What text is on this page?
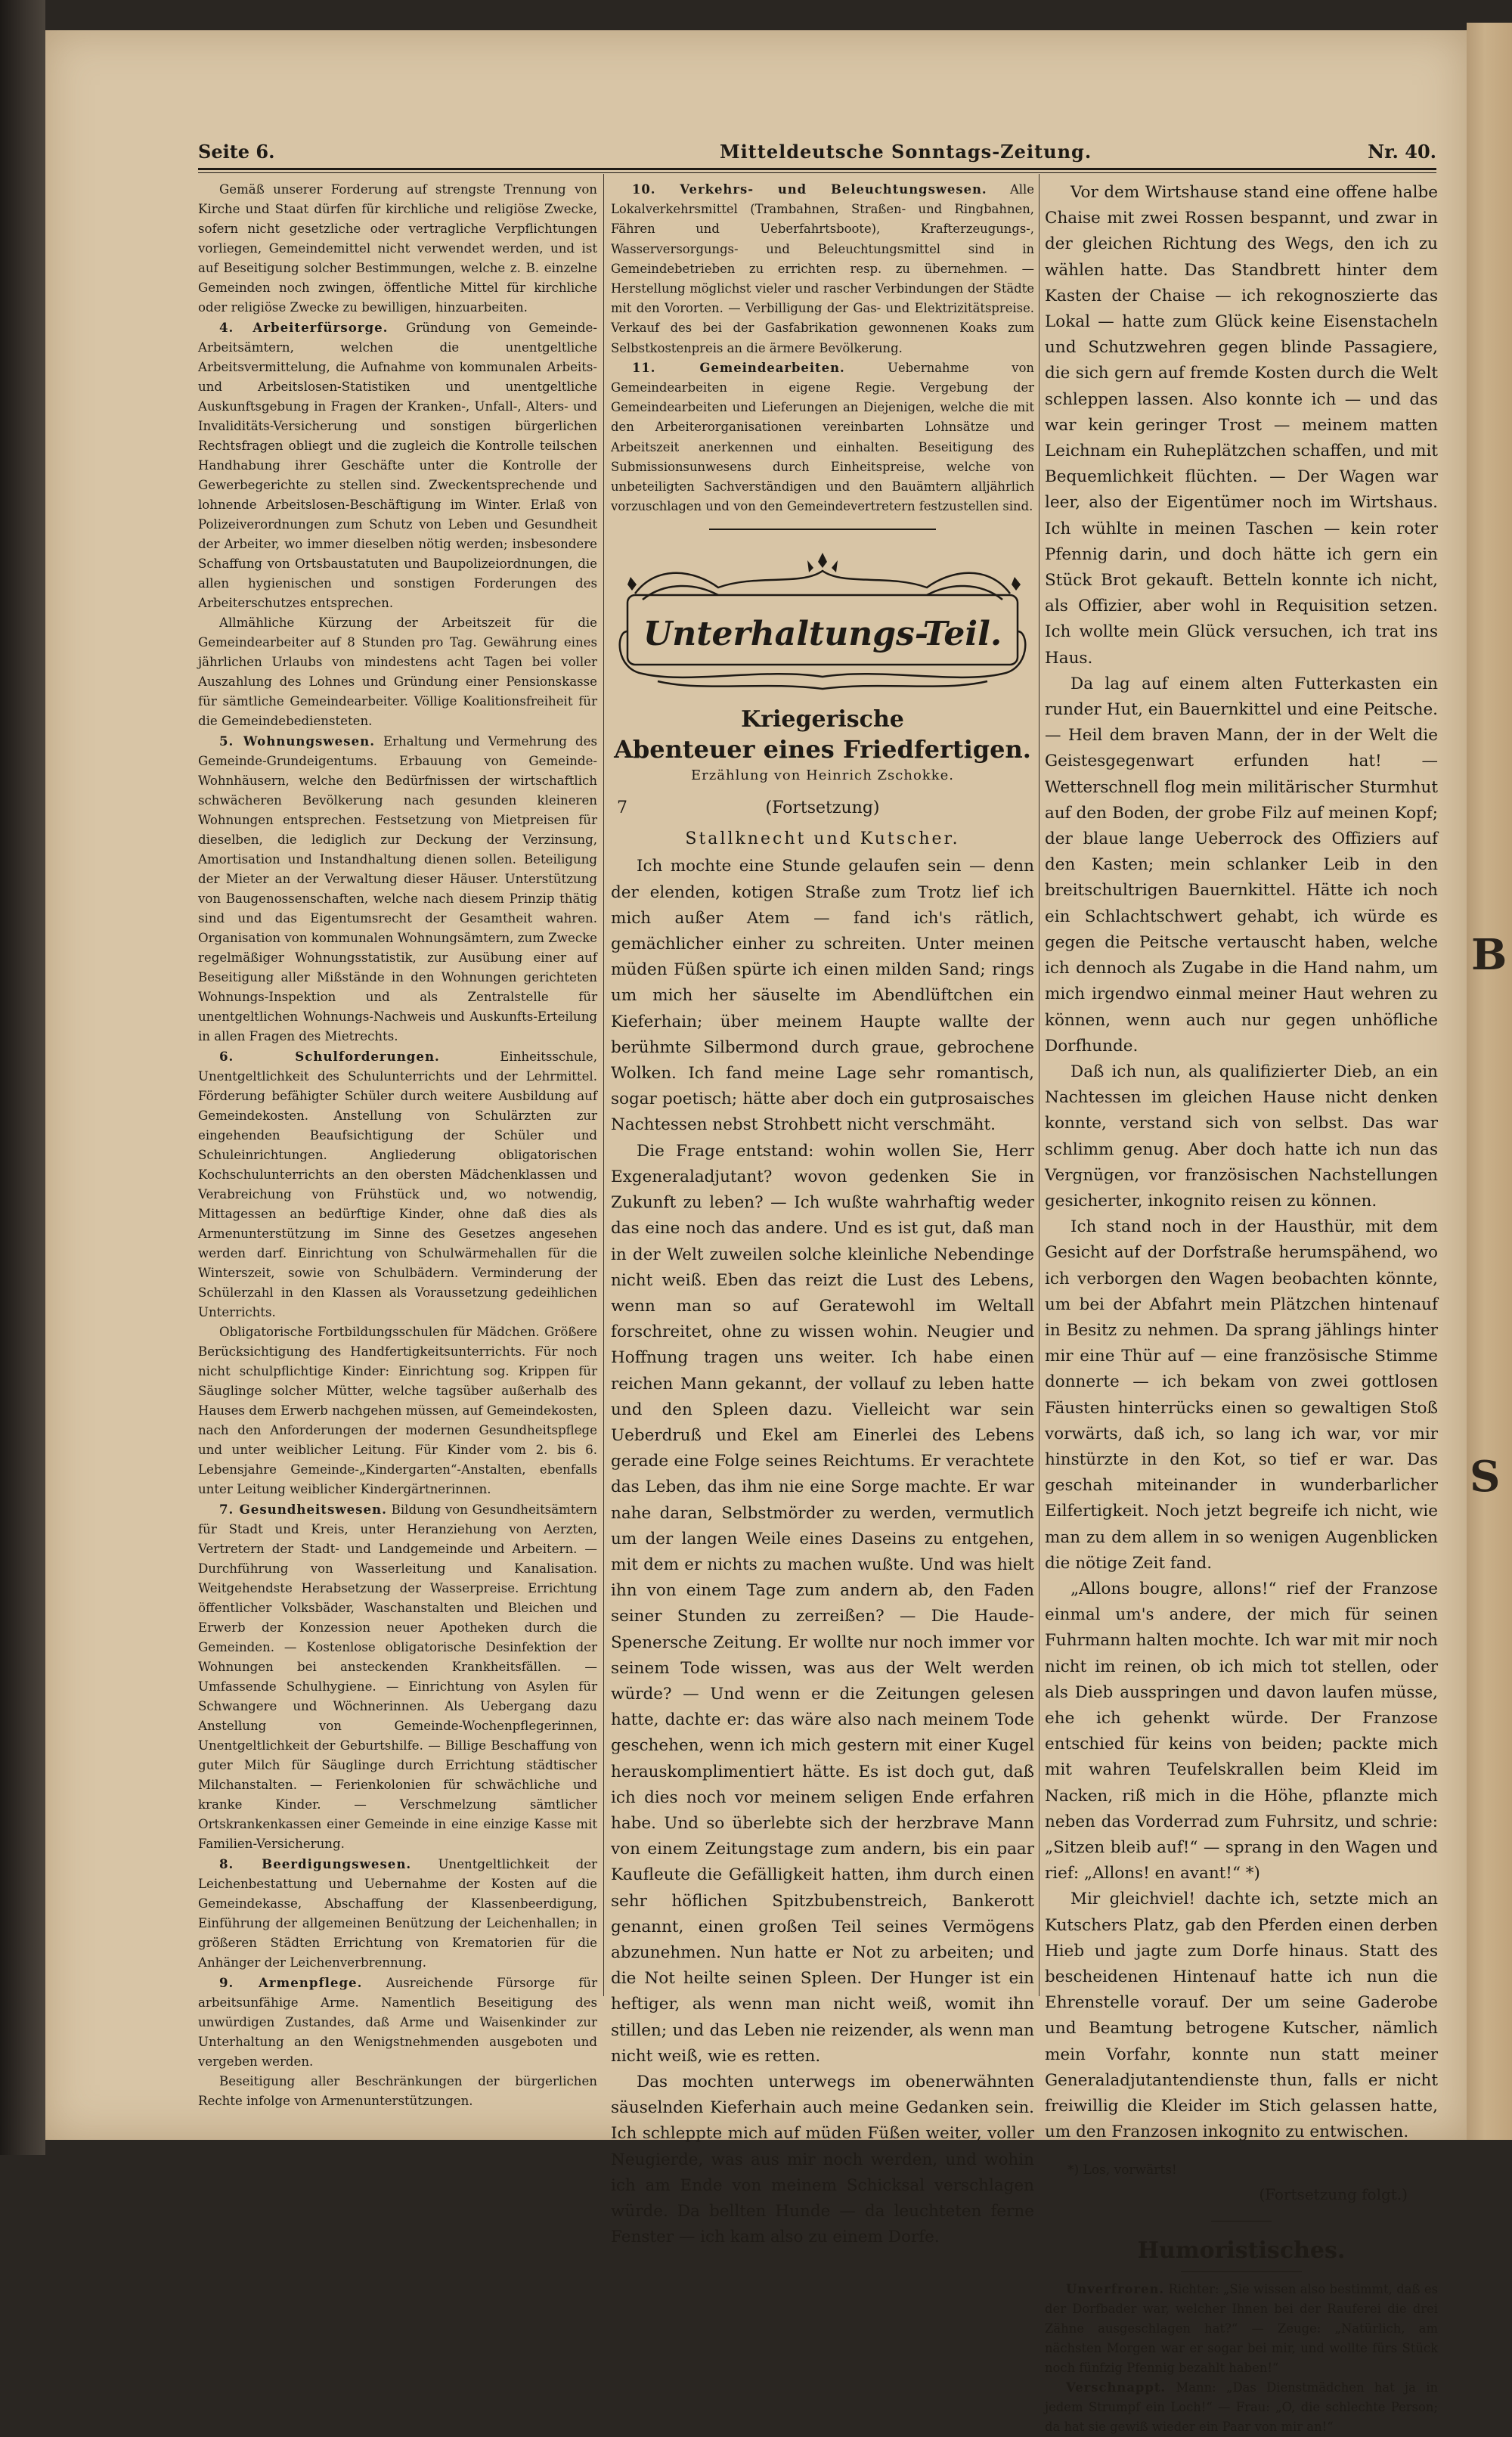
B
S
Seite 6.	Mitteldeutsche Sonntags-Zeitung.	Nr. 40.

Gemäß unserer Forderung auf strengste Trennung von Kirche und Staat dürfen für kirchliche und religiöse Zwecke, sofern nicht gesetzliche oder vertragliche Verpflichtungen vorliegen, Gemeindemittel nicht verwendet werden, und ist auf Beseitigung solcher Bestimmungen, welche z. B. einzelne Gemeinden noch zwingen, öffentliche Mittel für kirchliche oder religiöse Zwecke zu bewilligen, hinzuarbeiten.

4. Arbeiterfürsorge. Gründung von Gemeinde-Arbeitsämtern, welchen die unentgeltliche Arbeitsvermittelung, die Aufnahme von kommunalen Arbeits- und Arbeitslosen-Statistiken und unentgeltliche Auskunftsgebung in Fragen der Kranken-, Unfall-, Alters- und Invaliditäts-Versicherung und sonstigen bürgerlichen Rechtsfragen obliegt und die zugleich die Kontrolle teilschen Handhabung ihrer Geschäfte unter die Kontrolle der Gewerbegerichte zu stellen sind. Zweckentsprechende und lohnende Arbeitslosen-Beschäftigung im Winter. Erlaß von Polizeiverordnungen zum Schutz von Leben und Gesundheit der Arbeiter, wo immer dieselben nötig werden; insbesondere Schaffung von Ortsbaustatuten und Baupolizeiordnungen, die allen hygienischen und sonstigen Forderungen des Arbeiterschutzes entsprechen.

Allmähliche Kürzung der Arbeitszeit für die Gemeindearbeiter auf 8 Stunden pro Tag. Gewährung eines jährlichen Urlaubs von mindestens acht Tagen bei voller Auszahlung des Lohnes und Gründung einer Pensionskasse für sämtliche Gemeindearbeiter. Völlige Koalitionsfreiheit für die Gemeindebediensteten.

5. Wohnungswesen. Erhaltung und Vermehrung des Gemeinde-Grundeigentums. Erbauung von Gemeinde-Wohnhäusern, welche den Bedürfnissen der wirtschaftlich schwächeren Bevölkerung nach gesunden kleineren Wohnungen entsprechen. Festsetzung von Mietpreisen für dieselben, die lediglich zur Deckung der Verzinsung, Amortisation und Instandhaltung dienen sollen. Beteiligung der Mieter an der Verwaltung dieser Häuser. Unterstützung von Baugenossenschaften, welche nach diesem Prinzip thätig sind und das Eigentumsrecht der Gesamtheit wahren. Organisation von kommunalen Wohnungsämtern, zum Zwecke regelmäßiger Wohnungsstatistik, zur Ausübung einer auf Beseitigung aller Mißstände in den Wohnungen gerichteten Wohnungs-Inspektion und als Zentralstelle für unentgeltlichen Wohnungs-Nachweis und Auskunfts-Erteilung in allen Fragen des Mietrechts.

6. Schulforderungen.	Einheitsschule, Unentgeltlichkeit des Schulunterrichts und der Lehrmittel. Förderung befähigter Schüler durch weitere Ausbildung auf Gemeindekosten. Anstellung von Schulärzten zur eingehenden Beaufsichtigung der Schüler und Schuleinrichtungen. Angliederung obligatorischen Kochschulunterrichts an den obersten Mädchenklassen und Verabreichung von Frühstück und, wo notwendig, Mittagessen an bedürftige Kinder, ohne daß dies als Armenunterstützung im Sinne des Gesetzes angesehen werden darf. Einrichtung von Schulwärmehallen für die Winterszeit, sowie von Schulbädern. Verminderung der Schülerzahl in den Klassen als Voraussetzung gedeihlichen Unterrichts.

Obligatorische Fortbildungsschulen für Mädchen. Größere Berücksichtigung des Handfertigkeitsunterrichts. Für noch nicht schulpflichtige Kinder: Einrichtung sog. Krippen für Säuglinge solcher Mütter, welche tagsüber außerhalb des Hauses dem Erwerb nachgehen müssen, auf Gemeindekosten, nach den Anforderungen der modernen Gesundheitspflege und unter weiblicher Leitung. Für Kinder vom 2. bis 6. Lebensjahre Gemeinde-„Kindergarten“-Anstalten, ebenfalls unter Leitung weiblicher Kindergärtnerinnen.

7. Gesundheitswesen. Bildung von Gesundheitsämtern für Stadt und Kreis, unter Heranziehung von Aerzten, Vertretern der Stadt- und Landgemeinde und Arbeitern. — Durchführung von Wasserleitung und Kanalisation. Weitgehendste Herabsetzung der Wasserpreise. Errichtung öffentlicher Volksbäder, Waschanstalten und Bleichen und Erwerb der Konzession neuer Apotheken durch die Gemeinden. — Kostenlose obligatorische Desinfektion der Wohnungen bei ansteckenden Krankheitsfällen. — Umfassende Schulhygiene. — Einrichtung von Asylen für Schwangere und Wöchnerinnen. Als Uebergang dazu Anstellung von Gemeinde-Wochenpflegerinnen, Unentgeltlichkeit der Geburtshilfe. — Billige Beschaffung von guter Milch für Säuglinge durch Errichtung städtischer Milchanstalten. — Ferienkolonien für schwächliche und kranke Kinder. — Verschmelzung sämtlicher Ortskrankenkassen einer Gemeinde in eine einzige Kasse mit Familien-Versicherung.

8. Beerdigungswesen. Unentgeltlichkeit der Leichenbestattung und Uebernahme der Kosten auf die Gemeindekasse, Abschaffung der Klassenbeerdigung, Einführung der allgemeinen Benützung der Leichenhallen; in größeren Städten Errichtung von Krematorien für die Anhänger der Leichenverbrennung.

9. Armenpflege. Ausreichende Fürsorge für arbeitsunfähige Arme. Namentlich Beseitigung des unwürdigen Zustandes, daß Arme und Waisenkinder zur Unterhaltung an den Wenigstnehmenden ausgeboten und vergeben werden.

Beseitigung aller Beschränkungen der bürgerlichen Rechte infolge von Armenunterstützungen.

10. Verkehrs- und Beleuchtungswesen. Alle Lokalverkehrsmittel (Trambahnen, Straßen- und Ringbahnen, Fähren und Ueberfahrtsboote), Krafterzeugungs-, Wasserversorgungs- und Beleuchtungsmittel sind in Gemeindebetrieben zu errichten resp. zu übernehmen. — Herstellung möglichst vieler und rascher Verbindungen der Städte mit den Vororten. — Verbilligung der Gas- und Elektrizitätspreise. Verkauf des bei der Gasfabrikation gewonnenen Koaks zum Selbstkostenpreis an die ärmere Bevölkerung.

11. Gemeindearbeiten.	Uebernahme von Gemeindearbeiten in eigene Regie. Vergebung der Gemeindearbeiten und Lieferungen an Diejenigen, welche die mit den Arbeiterorganisationen vereinbarten Lohnsätze und Arbeitszeit anerkennen und einhalten. Beseitigung des Submissionsunwesens durch Einheitspreise, welche von unbeteiligten Sachverständigen und den Bauämtern alljährlich vorzuschlagen und von den Gemeindevertretern festzustellen sind.

Unterhaltungs-Teil.
Kriegerische
Abenteuer eines Friedfertigen.
Erzählung von Heinrich Zschokke.
7	(Fortsetzung)
Stallknecht und Kutscher.

Ich mochte eine Stunde gelaufen sein — denn der elenden, kotigen Straße zum Trotz lief ich mich außer Atem — fand ich's rätlich, gemächlicher einher zu schreiten. Unter meinen müden Füßen spürte ich einen milden Sand; rings um mich her säuselte im Abendlüftchen ein Kieferhain; über meinem Haupte wallte der berühmte Silbermond durch graue, gebrochene Wolken. Ich fand meine Lage sehr romantisch, sogar poetisch; hätte aber doch ein gutprosaisches Nachtessen nebst Strohbett nicht verschmäht.

Die Frage entstand: wohin wollen Sie, Herr Exgeneraladjutant? wovon gedenken Sie in Zukunft zu leben? — Ich wußte wahrhaftig weder das eine noch das andere. Und es ist gut, daß man in der Welt zuweilen solche kleinliche Nebendinge nicht weiß. Eben das reizt die Lust des Lebens, wenn man so auf Geratewohl im Weltall forschreitet, ohne zu wissen wohin. Neugier und Hoffnung tragen uns weiter. Ich habe einen reichen Mann gekannt, der vollauf zu leben hatte und den Spleen dazu. Vielleicht war sein Ueberdruß und Ekel am Einerlei des Lebens gerade eine Folge seines Reichtums. Er verachtete das Leben, das ihm nie eine Sorge machte. Er war nahe daran, Selbstmörder zu werden, vermutlich um der langen Weile eines Daseins zu entgehen, mit dem er nichts zu machen wußte. Und was hielt ihn von einem Tage zum andern ab, den Faden seiner Stunden zu zerreißen? — Die Haude-Spenersche Zeitung. Er wollte nur noch immer vor seinem Tode wissen, was aus der Welt werden würde? — Und wenn er die Zeitungen gelesen hatte, dachte er: das wäre also nach meinem Tode geschehen, wenn ich mich gestern mit einer Kugel herauskomplimentiert hätte. Es ist doch gut, daß ich dies noch vor meinem seligen Ende erfahren habe. Und so überlebte sich der herzbrave Mann von einem Zeitungstage zum andern, bis ein paar Kaufleute die Gefälligkeit hatten, ihm durch einen sehr höflichen Spitzbubenstreich, Bankerott genannt, einen großen Teil seines Vermögens abzunehmen. Nun hatte er Not zu arbeiten; und die Not heilte seinen Spleen. Der Hunger ist ein heftiger, als wenn man nicht weiß, womit ihn stillen; und das Leben nie reizender, als wenn man nicht weiß, wie es retten.

Das mochten unterwegs im obenerwähnten säuselnden Kieferhain auch meine Gedanken sein. Ich schleppte mich auf müden Füßen weiter, voller Neugierde, was aus mir noch werden, und wohin ich am Ende von meinem Schicksal verschlagen würde. Da bellten Hunde — da leuchteten ferne Fenster — ich kam also zu einem Dorfe.

Vor dem Wirtshause stand eine offene halbe Chaise mit zwei Rossen bespannt, und zwar in der gleichen Richtung des Wegs, den ich zu wählen hatte. Das Standbrett hinter dem Kasten der Chaise — ich rekognoszierte das Lokal — hatte zum Glück keine Eisenstacheln und Schutzwehren gegen blinde Passagiere, die sich gern auf fremde Kosten durch die Welt schleppen lassen. Also konnte ich — und das war kein geringer Trost — meinem matten Leichnam ein Ruheplätzchen schaffen, und mit Bequemlichkeit flüchten. — Der Wagen war leer, also der Eigentümer noch im Wirtshaus. Ich wühlte in meinen Taschen — kein roter Pfennig darin, und doch hätte ich gern ein Stück Brot gekauft. Betteln konnte ich nicht, als Offizier, aber wohl in Requisition setzen. Ich wollte mein Glück versuchen, ich trat ins Haus.

Da lag auf einem alten Futterkasten ein runder Hut, ein Bauernkittel und eine Peitsche. — Heil dem braven Mann, der in der Welt die Geistesgegenwart erfunden hat! — Wetterschnell flog mein militärischer Sturmhut auf den Boden, der grobe Filz auf meinen Kopf; der blaue lange Ueberrock des Offiziers auf den Kasten; mein schlanker Leib in den breitschultrigen Bauernkittel. Hätte ich noch ein Schlachtschwert gehabt, ich würde es gegen die Peitsche vertauscht haben, welche ich dennoch als Zugabe in die Hand nahm, um mich irgendwo einmal meiner Haut wehren zu können, wenn auch nur gegen unhöfliche Dorfhunde.

Daß ich nun, als qualifizierter Dieb, an ein Nachtessen im gleichen Hause nicht denken konnte, verstand sich von selbst. Das war schlimm genug. Aber doch hatte ich nun das Vergnügen, vor französischen Nachstellungen gesicherter, inkognito reisen zu können.

Ich stand noch in der Hausthür, mit dem Gesicht auf der Dorfstraße herumspähend, wo ich verborgen den Wagen beobachten könnte, um bei der Abfahrt mein Plätzchen hintenauf in Besitz zu nehmen. Da sprang jählings hinter mir eine Thür auf — eine französische Stimme donnerte — ich bekam von zwei gottlosen Fäusten hinterrücks einen so gewaltigen Stoß vorwärts, daß ich, so lang ich war, vor mir hinstürzte in den Kot, so tief er war. Das geschah miteinander in wunderbarlicher Eilfertigkeit. Noch jetzt begreife ich nicht, wie man zu dem allem in so wenigen Augenblicken die nötige Zeit fand.

„Allons bougre, allons!“ rief der Franzose einmal um's andere, der mich für seinen Fuhrmann halten mochte. Ich war mit mir noch nicht im reinen, ob ich mich tot stellen, oder als Dieb ausspringen und davon laufen müsse, ehe ich gehenkt würde. Der Franzose entschied für keins von beiden; packte mich mit wahren Teufelskrallen beim Kleid im Nacken, riß mich in die Höhe, pflanzte mich neben das Vorderrad zum Fuhrsitz, und schrie: „Sitzen bleib auf!“ — sprang in den Wagen und rief: „Allons! en avant!“ *)

Mir gleichviel! dachte ich, setzte mich an Kutschers Platz, gab den Pferden einen derben Hieb und jagte zum Dorfe hinaus. Statt des bescheidenen Hintenauf hatte ich nun die Ehrenstelle vorauf. Der um seine Gaderobe und Beamtung betrogene Kutscher, nämlich mein Vorfahr, konnte nun statt meiner Generaladjutantendienste thun, falls er nicht freiwillig die Kleider im Stich gelassen hatte, um den Franzosen inkognito zu entwischen.

*) Los, vorwärts!
(Fortsetzung folgt.)
Humoristisches.

Unverfroren. Richter: „Sie wissen also bestimmt, daß es der Dorfbader war, welcher Ihnen bei der Rauferei die drei Zähne ausgeschlagen hat?“ — Zeuge: „Natürlich, am nächsten Morgen war er sogar bei mir, und wollte fürs Stück noch fünfzig Pfennig bezahlt haben!“

Verschnappt. Mann: „Das Dienstmädchen hat ja in jedem Strumpf ein Loch!“ — Frau: „O, die schlechte Person; da hat sie gewiß wieder ein Paar von mir an!“
